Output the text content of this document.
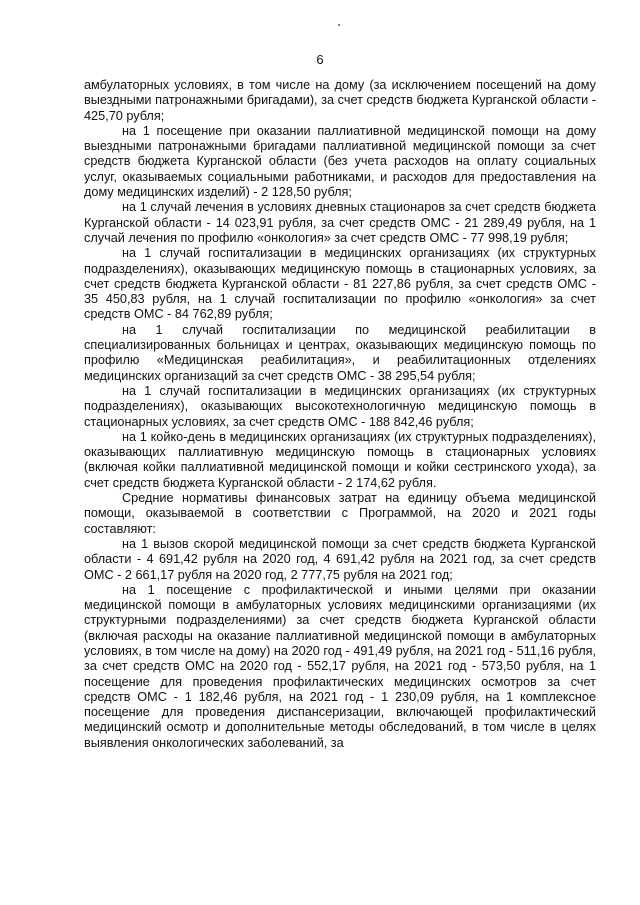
6

амбулаторных условиях, в том числе на дому (за исключением посещений на дому выездными патронажными бригадами), за счет средств бюджета Курганской области - 425,70 рубля;

на 1 посещение при оказании паллиативной медицинской помощи на дому выездными патронажными бригадами паллиативной медицинской помощи за счет средств бюджета Курганской области (без учета расходов на оплату социальных услуг, оказываемых социальными работниками, и расходов для предоставления на дому медицинских изделий) - 2 128,50 рубля;

на 1 случай лечения в условиях дневных стационаров за счет средств бюджета Курганской области - 14 023,91 рубля, за счет средств ОМС - 21 289,49 рубля, на 1 случай лечения по профилю «онкология» за счет средств ОМС - 77 998,19 рубля;

на 1 случай госпитализации в медицинских организациях (их структурных подразделениях), оказывающих медицинскую помощь в стационарных условиях, за счет средств бюджета Курганской области - 81 227,86 рубля, за счет средств ОМС - 35 450,83 рубля, на 1 случай госпитализации по профилю «онкология» за счет средств ОМС - 84 762,89 рубля;

на 1 случай госпитализации по медицинской реабилитации в специализированных больницах и центрах, оказывающих медицинскую помощь по профилю «Медицинская реабилитация», и реабилитационных отделениях медицинских организаций за счет средств ОМС - 38 295,54 рубля;

на 1 случай госпитализации в медицинских организациях (их структурных подразделениях), оказывающих высокотехнологичную медицинскую помощь в стационарных условиях, за счет средств ОМС - 188 842,46 рубля;

на 1 койко-день в медицинских организациях (их структурных подразделениях), оказывающих паллиативную медицинскую помощь в стационарных условиях (включая койки паллиативной медицинской помощи и койки сестринского ухода), за счет средств бюджета Курганской области - 2 174,62 рубля.

Средние нормативы финансовых затрат на единицу объема медицинской помощи, оказываемой в соответствии с Программой, на 2020 и 2021 годы составляют:

на 1 вызов скорой медицинской помощи за счет средств бюджета Курганской области - 4 691,42 рубля на 2020 год, 4 691,42 рубля на 2021 год, за счет средств ОМС - 2 661,17 рубля на 2020 год, 2 777,75 рубля на 2021 год;

на 1 посещение с профилактической и иными целями при оказании медицинской помощи в амбулаторных условиях медицинскими организациями (их структурными подразделениями) за счет средств бюджета Курганской области (включая расходы на оказание паллиативной медицинской помощи в амбулаторных условиях, в том числе на дому) на 2020 год - 491,49 рубля, на 2021 год - 511,16 рубля, за счет средств ОМС на 2020 год - 552,17 рубля, на 2021 год - 573,50 рубля, на 1 посещение для проведения профилактических медицинских осмотров за счет средств ОМС - 1 182,46 рубля, на 2021 год - 1 230,09 рубля, на 1 комплексное посещение для проведения диспансеризации, включающей профилактический медицинский осмотр и дополнительные методы обследований, в том числе в целях выявления онкологических заболеваний, за
